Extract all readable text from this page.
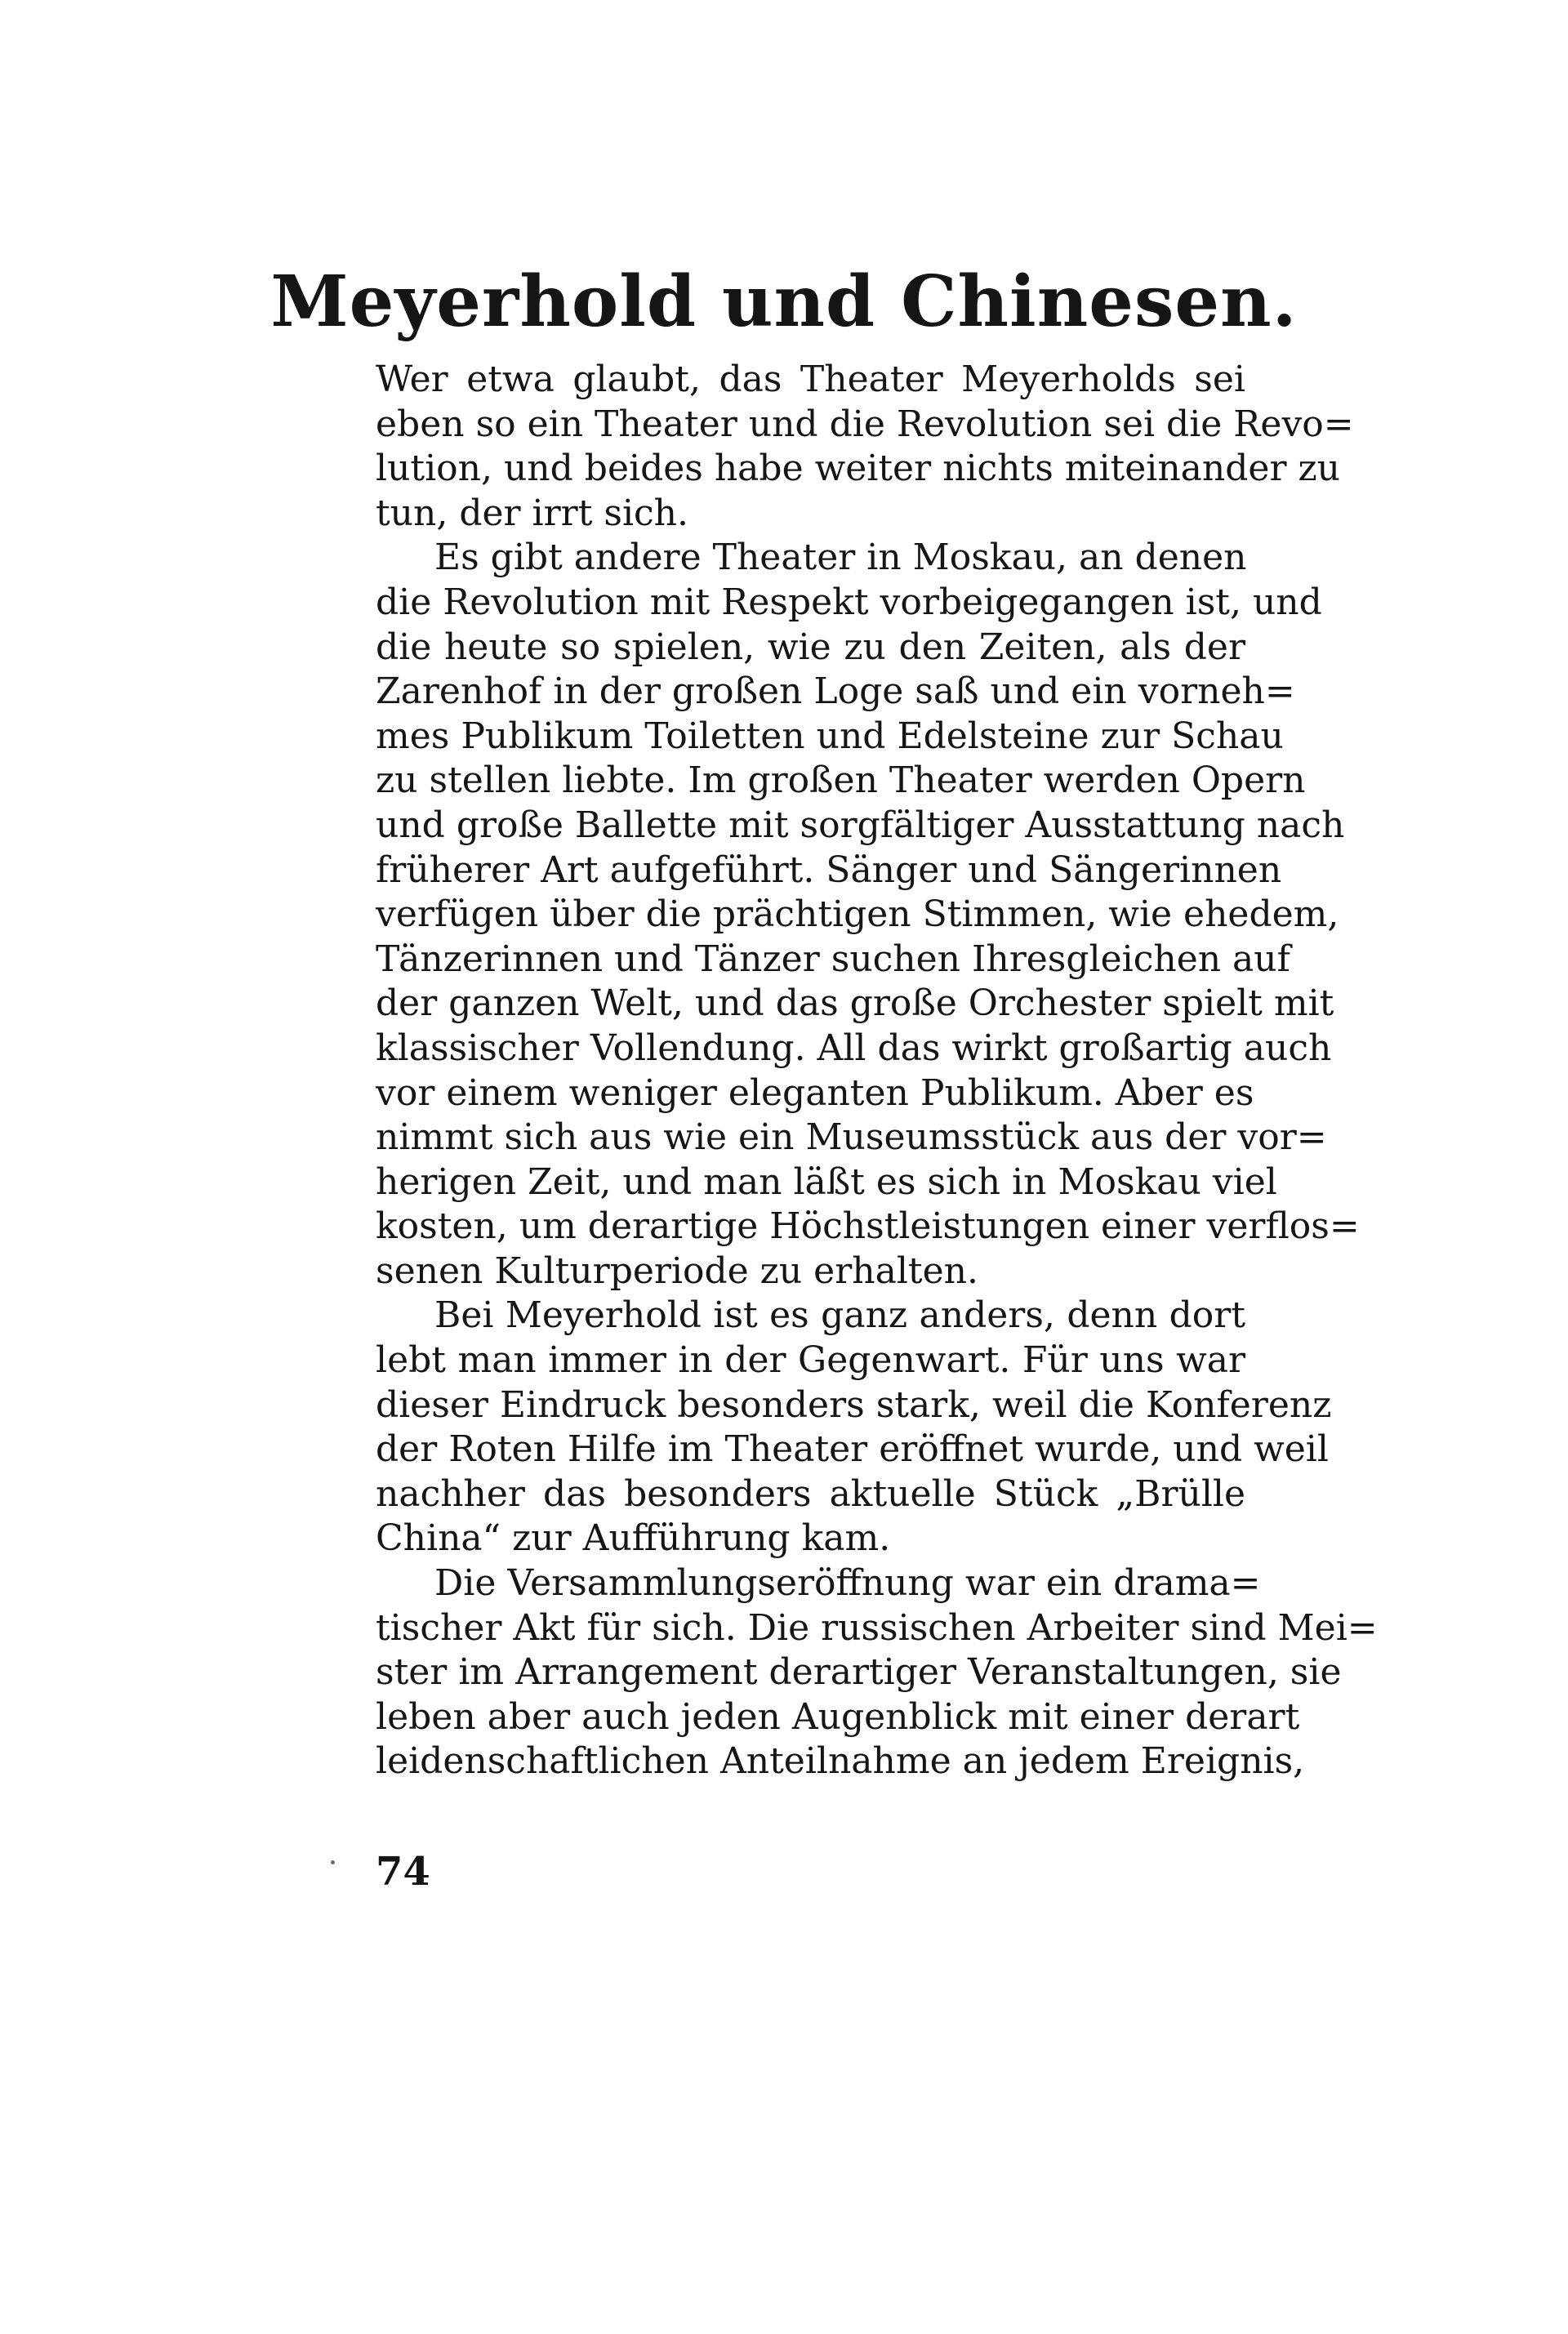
Meyerhold und Chinesen.
Wer etwa glaubt, das Theater Meyerholds sei
eben so ein Theater und die Revolution sei die Revo=
lution, und beides habe weiter nichts miteinander zu
tun, der irrt sich.
Es gibt andere Theater in Moskau, an denen
die Revolution mit Respekt vorbeigegangen ist, und
die heute so spielen, wie zu den Zeiten, als der
Zarenhof in der großen Loge saß und ein vorneh=
mes Publikum Toiletten und Edelsteine zur Schau
zu stellen liebte. Im großen Theater werden Opern
und große Ballette mit sorgfältiger Ausstattung nach
früherer Art aufgeführt. Sänger und Sängerinnen
verfügen über die prächtigen Stimmen, wie ehedem,
Tänzerinnen und Tänzer suchen Ihresgleichen auf
der ganzen Welt, und das große Orchester spielt mit
klassischer Vollendung. All das wirkt großartig auch
vor einem weniger eleganten Publikum. Aber es
nimmt sich aus wie ein Museumsstück aus der vor=
herigen Zeit, und man läßt es sich in Moskau viel
kosten, um derartige Höchstleistungen einer verflos=
senen Kulturperiode zu erhalten.
Bei Meyerhold ist es ganz anders, denn dort
lebt man immer in der Gegenwart. Für uns war
dieser Eindruck besonders stark, weil die Konferenz
der Roten Hilfe im Theater eröffnet wurde, und weil
nachher das besonders aktuelle Stück „Brülle
China“ zur Aufführung kam.
Die Versammlungseröffnung war ein drama=
tischer Akt für sich. Die russischen Arbeiter sind Mei=
ster im Arrangement derartiger Veranstaltungen, sie
leben aber auch jeden Augenblick mit einer derart
leidenschaftlichen Anteilnahme an jedem Ereignis,
74
